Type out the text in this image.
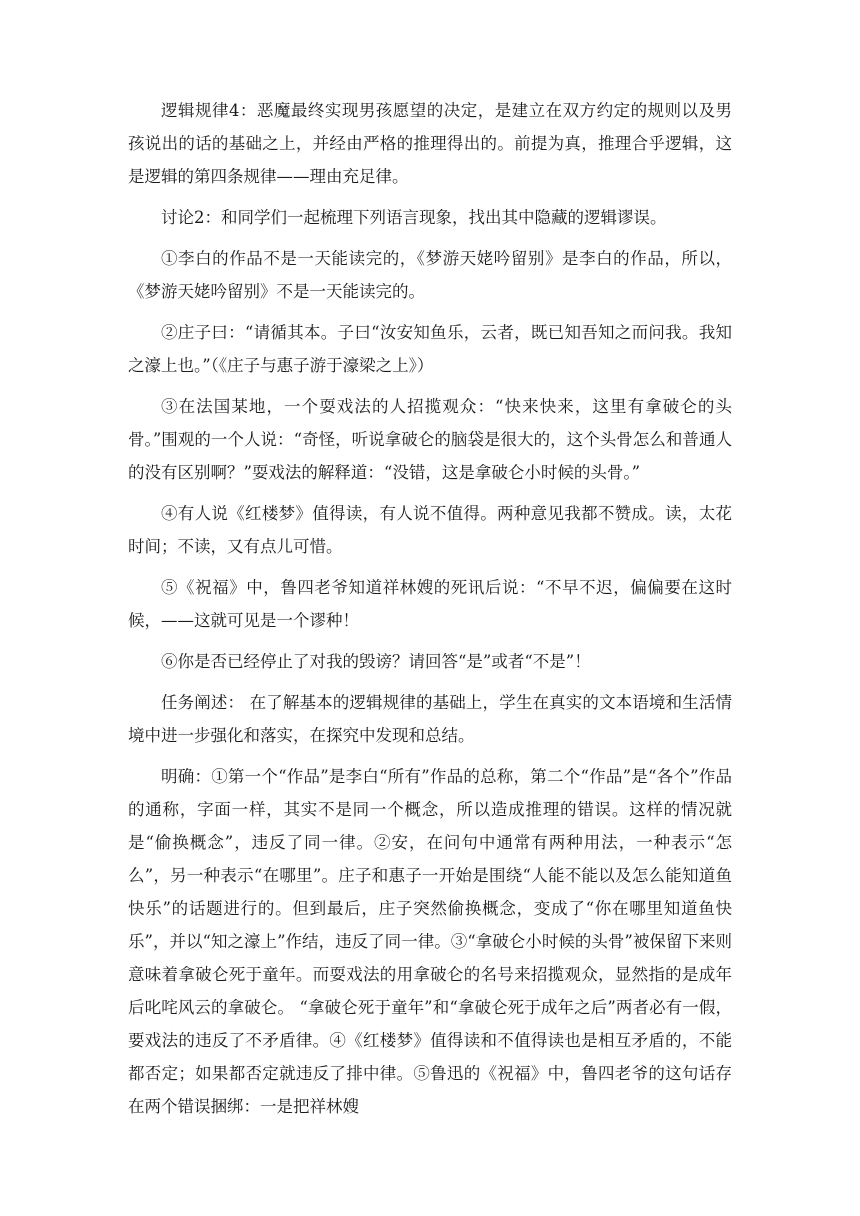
逻辑规律4：恶魔最终实现男孩愿望的决定，是建立在双方约定的规则以及男孩说出的话的基础之上，并经由严格的推理得出的。前提为真，推理合乎逻辑，这是逻辑的第四条规律——理由充足律。

讨论2：和同学们一起梳理下列语言现象，找出其中隐藏的逻辑谬误。

①李白的作品不是一天能读完的，《梦游天姥吟留别》是李白的作品，所以，《梦游天姥吟留别》不是一天能读完的。

②庄子曰：“请循其本。子曰“汝安知鱼乐，云者，既已知吾知之而问我。我知之濠上也。”（《庄子与惠子游于濠梁之上》）

③在法国某地，一个耍戏法的人招揽观众：“快来快来，这里有拿破仑的头骨。”围观的一个人说：“奇怪，听说拿破仑的脑袋是很大的，这个头骨怎么和普通人的没有区别啊？”耍戏法的解释道：“没错，这是拿破仑小时候的头骨。”

④有人说《红楼梦》值得读，有人说不值得。两种意见我都不赞成。读，太花时间；不读，又有点儿可惜。

⑤《祝福》中，鲁四老爷知道祥林嫂的死讯后说：“不早不迟，偏偏要在这时候，——这就可见是一个谬种！

⑥你是否已经停止了对我的毁谤？请回答“是”或者“不是”！

任务阐述： 在了解基本的逻辑规律的基础上，学生在真实的文本语境和生活情境中进一步强化和落实，在探究中发现和总结。

明确：①第一个“作品”是李白“所有”作品的总称，第二个“作品”是“各个”作品的通称，字面一样，其实不是同一个概念，所以造成推理的错误。这样的情况就是“偷换概念”，违反了同一律。②安，在问句中通常有两种用法，一种表示“怎么”，另一种表示“在哪里”。庄子和惠子一开始是围绕“人能不能以及怎么能知道鱼快乐”的话题进行的。但到最后，庄子突然偷换概念，变成了“你在哪里知道鱼快乐”，并以“知之濠上”作结，违反了同一律。③“拿破仑小时候的头骨”被保留下来则意味着拿破仑死于童年。而耍戏法的用拿破仑的名号来招揽观众，显然指的是成年后叱咤风云的拿破仑。 “拿破仑死于童年”和“拿破仑死于成年之后”两者必有一假，要戏法的违反了不矛盾律。④《红楼梦》值得读和不值得读也是相互矛盾的，不能都否定；如果都否定就违反了排中律。⑤鲁迅的《祝福》中，鲁四老爷的这句话存在两个错误捆绑：一是把祥林嫂
